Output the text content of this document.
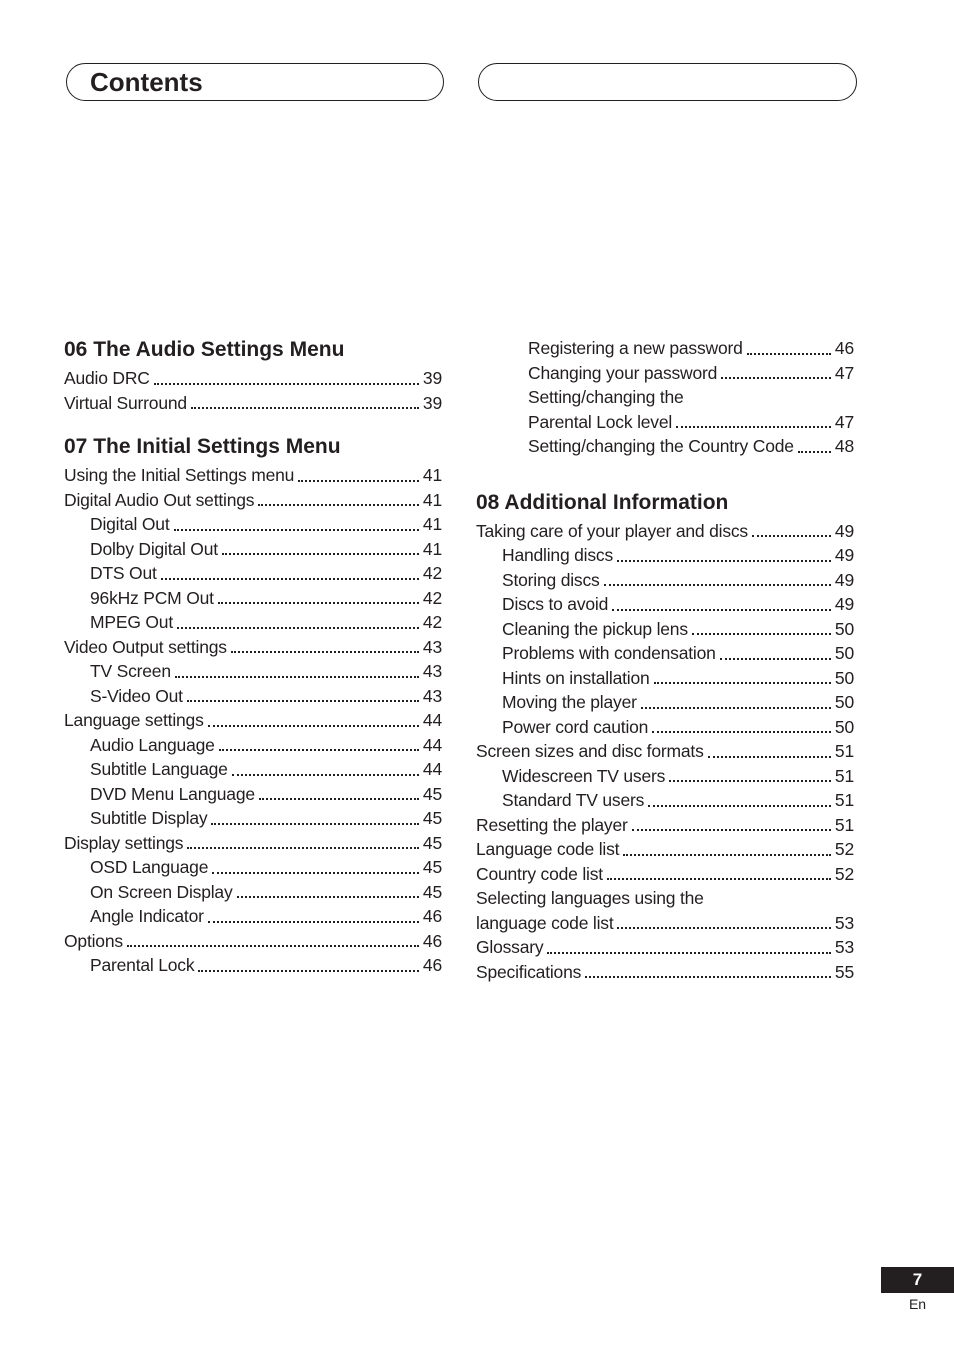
Contents
06 The Audio Settings Menu
Audio DRC	39
Virtual Surround	39
07 The Initial Settings Menu
Using the Initial Settings menu	41
Digital Audio Out settings	41
Digital Out	41
Dolby Digital Out	41
DTS Out	42
96kHz PCM Out	42
MPEG Out	42
Video Output settings	43
TV Screen	43
S-Video Out	43
Language settings	44
Audio Language	44
Subtitle Language	44
DVD Menu Language	45
Subtitle Display	45
Display settings	45
OSD Language	45
On Screen Display	45
Angle Indicator	46
Options	46
Parental Lock	46
Registering a new password	46
Changing your password	47
Setting/changing the
Parental Lock level	47
Setting/changing the Country Code 48
08 Additional Information
Taking care of your player and discs	49
Handling discs	49
Storing discs	49
Discs to avoid	49
Cleaning the pickup lens	50
Problems with condensation	50
Hints on installation	50
Moving the player	50
Power cord caution	50
Screen sizes and disc formats	51
Widescreen TV users	51
Standard TV users	51
Resetting the player	51
Language code list	52
Country code list	52
Selecting languages using the
language code list	53
Glossary	53
Specifications	55
7
En
